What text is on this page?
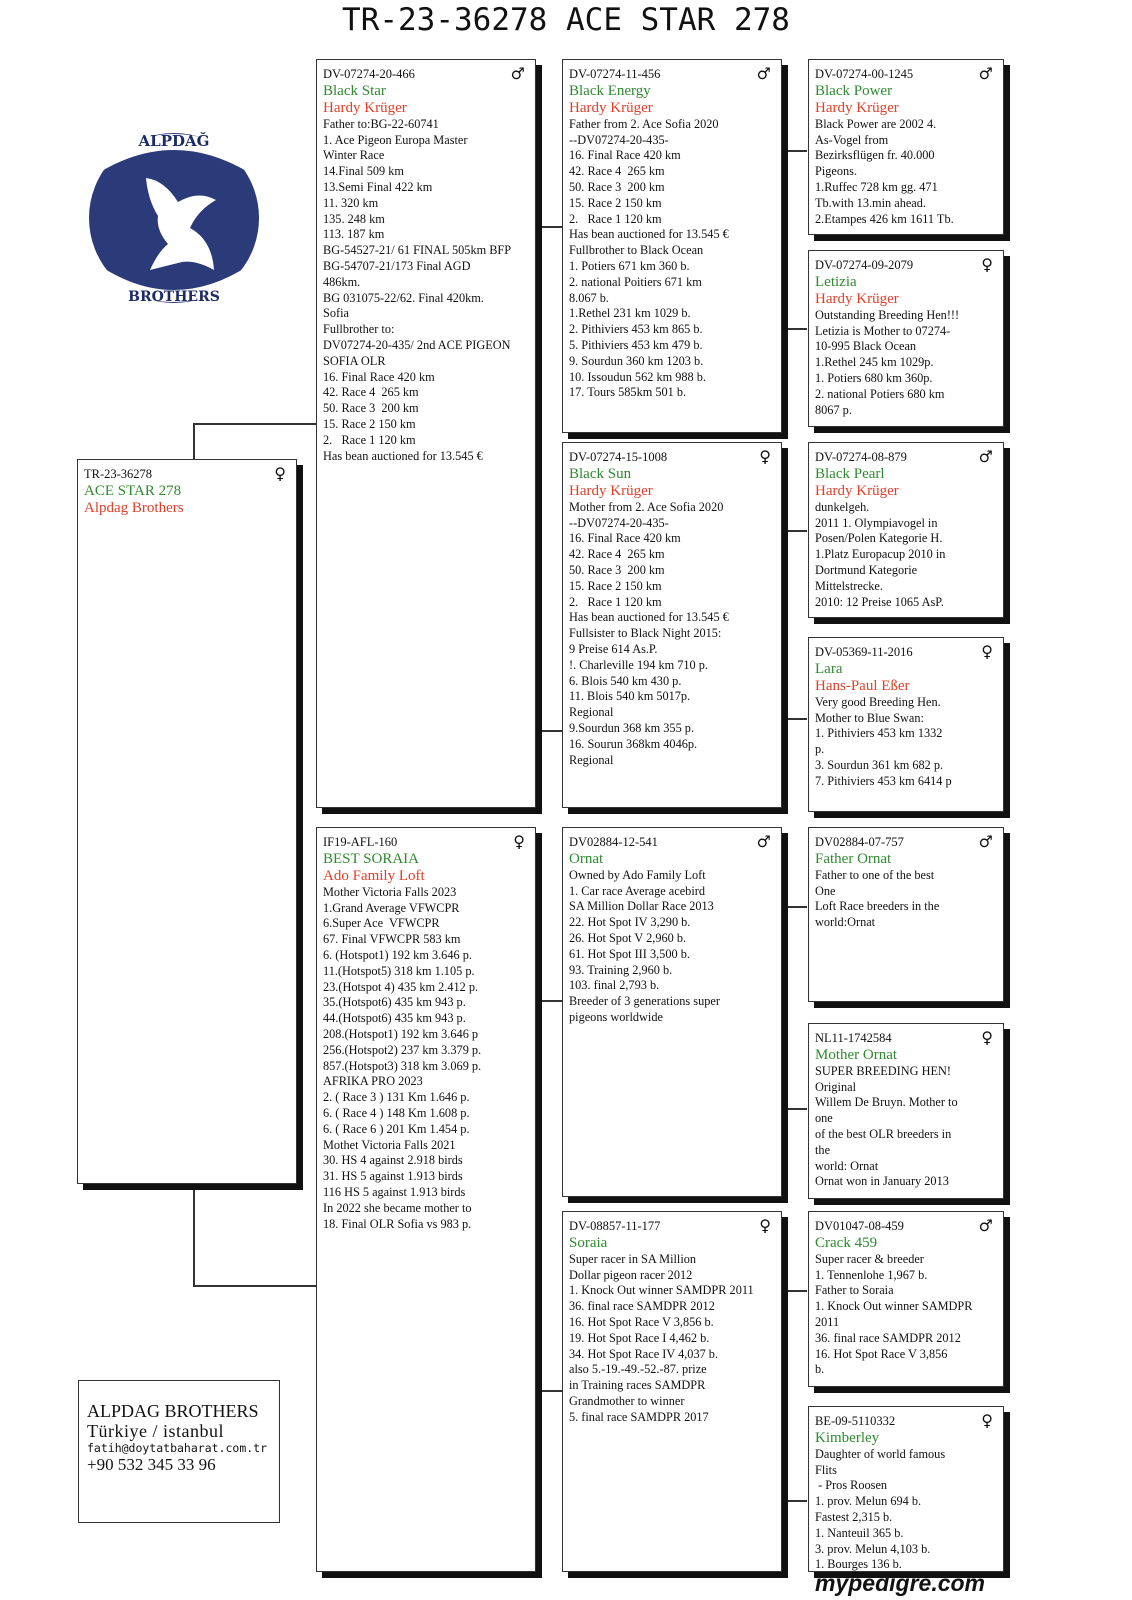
TR-23-36278 ACE STAR 278
ALPDAĞ
BROTHERS
TR-23-36278	♀
ACE STAR 278
Alpdag Brothers
DV-07274-20-466	♂
Black Star
Hardy Krüger
Father to:BG-22-60741
1. Ace Pigeon Europa Master
Winter Race
14.Final 509 km
13.Semi Final 422 km
11. 320 km
135. 248 km
113. 187 km
BG-54527-21/ 61 FINAL 505km BFP
BG-54707-21/173 Final AGD
486km.
BG 031075-22/62. Final 420km.
Sofia
Fullbrother to:
DV07274-20-435/ 2nd ACE PIGEON
SOFIA OLR
16. Final Race 420 km
42. Race 4  265 km
50. Race 3  200 km
15. Race 2 150 km
2.   Race 1 120 km
Has bean auctioned for 13.545 €
IF19-AFL-160	♀
BEST SORAIA
Ado Family Loft
Mother Victoria Falls 2023
1.Grand Average VFWCPR
6.Super Ace  VFWCPR
67. Final VFWCPR 583 km
6. (Hotspot1) 192 km 3.646 p.
11.(Hotspot5) 318 km 1.105 p.
23.(Hotspot 4) 435 km 2.412 p.
35.(Hotspot6) 435 km 943 p.
44.(Hotspot6) 435 km 943 p.
208.(Hotspot1) 192 km 3.646 p
256.(Hotspot2) 237 km 3.379 p.
857.(Hotspot3) 318 km 3.069 p.
AFRIKA PRO 2023
2. ( Race 3 ) 131 Km 1.646 p.
6. ( Race 4 ) 148 Km 1.608 p.
6. ( Race 6 ) 201 Km 1.454 p.
Mothet Victoria Falls 2021
30. HS 4 against 2.918 birds
31. HS 5 against 1.913 birds
116 HS 5 against 1.913 birds
In 2022 she became mother to
18. Final OLR Sofia vs 983 p.
DV-07274-11-456	♂
Black Energy
Hardy Krüger
Father from 2. Ace Sofia 2020
--DV07274-20-435-
16. Final Race 420 km
42. Race 4  265 km
50. Race 3  200 km
15. Race 2 150 km
2.   Race 1 120 km
Has bean auctioned for 13.545 €
Fullbrother to Black Ocean
1. Potiers 671 km 360 b.
2. national Poitiers 671 km
8.067 b.
1.Rethel 231 km 1029 b.
2. Pithiviers 453 km 865 b.
5. Pithiviers 453 km 479 b.
9. Sourdun 360 km 1203 b.
10. Issoudun 562 km 988 b.
17. Tours 585km 501 b.
DV-07274-15-1008	♀
Black Sun
Hardy Krüger
Mother from 2. Ace Sofia 2020
--DV07274-20-435-
16. Final Race 420 km
42. Race 4  265 km
50. Race 3  200 km
15. Race 2 150 km
2.   Race 1 120 km
Has bean auctioned for 13.545 €
Fullsister to Black Night 2015:
9 Preise 614 As.P.
!. Charleville 194 km 710 p.
6. Blois 540 km 430 p.
11. Blois 540 km 5017p.
Regional
9.Sourdun 368 km 355 p.
16. Sourun 368km 4046p.
Regional
DV02884-12-541	♂
Ornat
Owned by Ado Family Loft
1. Car race Average acebird
SA Million Dollar Race 2013
22. Hot Spot IV 3,290 b.
26. Hot Spot V 2,960 b.
61. Hot Spot III 3,500 b.
93. Training 2,960 b.
103. final 2,793 b.
Breeder of 3 generations super
pigeons worldwide
DV-08857-11-177	♀
Soraia
Super racer in SA Million
Dollar pigeon racer 2012
1. Knock Out winner SAMDPR 2011
36. final race SAMDPR 2012
16. Hot Spot Race V 3,856 b.
19. Hot Spot Race I 4,462 b.
34. Hot Spot Race IV 4,037 b.
also 5.-19.-49.-52.-87. prize
in Training races SAMDPR
Grandmother to winner
5. final race SAMDPR 2017
DV-07274-00-1245	♂
Black Power
Hardy Krüger
Black Power are 2002 4.
As-Vogel from
Bezirksflügen fr. 40.000
Pigeons.
1.Ruffec 728 km gg. 471
Tb.with 13.min ahead.
2.Etampes 426 km 1611 Tb.
DV-07274-09-2079	♀
Letizia
Hardy Krüger
Outstanding Breeding Hen!!!
Letizia is Mother to 07274-
10-995 Black Ocean
1.Rethel 245 km 1029p.
1. Potiers 680 km 360p.
2. national Potiers 680 km
8067 p.
DV-07274-08-879	♂
Black Pearl
Hardy Krüger
dunkelgeh.
2011 1. Olympiavogel in
Posen/Polen Kategorie H.
1.Platz Europacup 2010 in
Dortmund Kategorie
Mittelstrecke.
2010: 12 Preise 1065 AsP.
DV-05369-11-2016	♀
Lara
Hans-Paul Eßer
Very good Breeding Hen.
Mother to Blue Swan:
1. Pithiviers 453 km 1332
p.
3. Sourdun 361 km 682 p.
7. Pithiviers 453 km 6414 p
DV02884-07-757	♂
Father Ornat
Father to one of the best
One
Loft Race breeders in the
world:Ornat
NL11-1742584	♀
Mother Ornat
SUPER BREEDING HEN!
Original
Willem De Bruyn. Mother to
one
of the best OLR breeders in
the
world: Ornat
Ornat won in January 2013
DV01047-08-459	♂
Crack 459
Super racer & breeder
1. Tennenlohe 1,967 b.
Father to Soraia
1. Knock Out winner SAMDPR
2011
36. final race SAMDPR 2012
16. Hot Spot Race V 3,856
b.
BE-09-5110332	♀
Kimberley
Daughter of world famous
Flits
- Pros Roosen
1. prov. Melun 694 b.
Fastest 2,315 b.
1. Nanteuil 365 b.
3. prov. Melun 4,103 b.
1. Bourges 136 b.
ALPDAG BROTHERS
Türkiye / istanbul
fatih@doytatbaharat.com.tr
+90 532 345 33 96
mypedigre.com
